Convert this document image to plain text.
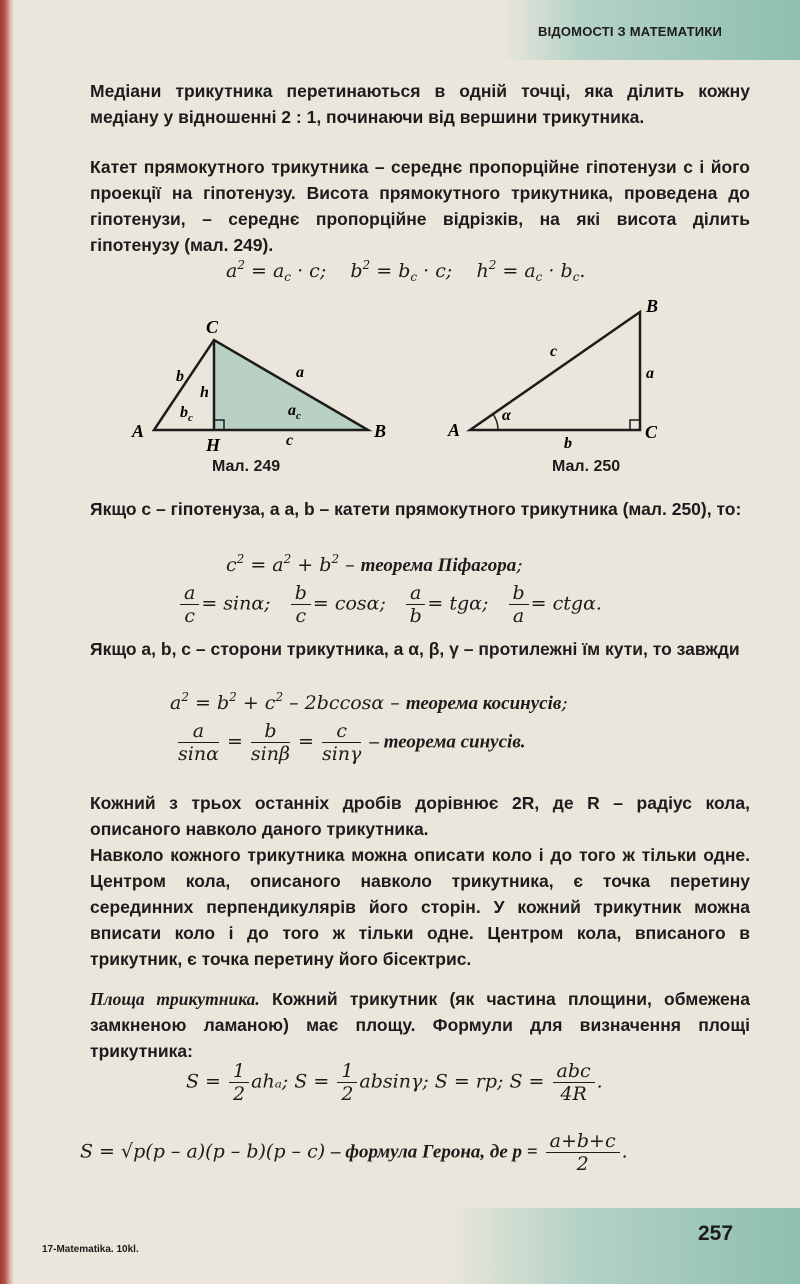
ВІДОМОСТІ З МАТЕМАТИКИ

Медіани трикутника перетинаються в одній точці, яка ділить кожну медіану у відношенні 2 : 1, починаючи від вершини трикутника.

Катет прямокутного трикутника – середнє пропорційне гіпотенузи c і його проекції на гіпотенузу. Висота прямокутного трикутника, проведена до гіпотенузи, – середнє пропорційне відрізків, на які висота ділить гіпотенузу (мал. 249).

$a^2 = a_c \cdot c$;    $b^2 = b_c \cdot c$;    $h^2 = a_c \cdot b_c$.
C
A	B
H
b
h
a
$b_c$	$a_c$
c
Мал. 249
B
A	C
c
a
b
α
Мал. 250

Якщо c – гіпотенуза, а a, b – катети прямокутного трикутника (мал. 250), то:

$c^2 = a^2 + b^2$ – теорема Піфагора;
$\frac{a}{c} = \sin\alpha$; $\frac{b}{c} = \cos\alpha$; $\frac{a}{b} = tg\alpha$; $\frac{b}{a} = ctg\alpha$.

Якщо a, b, c – сторони трикутника, а α, β, γ – протилежні їм кути, то завжди

$a^2 = b^2 + c^2 - 2bccos\alpha$ – теорема косинусів;
$\frac{a}{\sin\alpha} = \frac{b}{\sin\beta} = \frac{c}{\sin\gamma}$ – теорема синусів.

Кожний з трьох останніх дробів дорівнює 2R, де R – радіус кола, описаного навколо даного трикутника.

Навколо кожного трикутника можна описати коло і до того ж тільки одне. Центром кола, описаного навколо трикутника, є точка перетину серединних перпендикулярів його сторін. У кожний трикутник можна вписати коло і до того ж тільки одне. Центром кола, вписаного в трикутник, є точка перетину його бісектрис.

Площа трикутника. Кожний трикутник (як частина площини, обмежена замкненою ламаною) має площу. Формули для визначення площі трикутника:

$S = \frac{1}{2} ah_a$; $S = \frac{1}{2} absin\gamma$; S = rp; $S = \frac{\text{abc}}{4R}$ .
S = √p(p – a)(p – b)(p – c) – формула Герона, де $p = \frac{a+b+c}{2}$ .
257
17-Matematika. 10kl.
